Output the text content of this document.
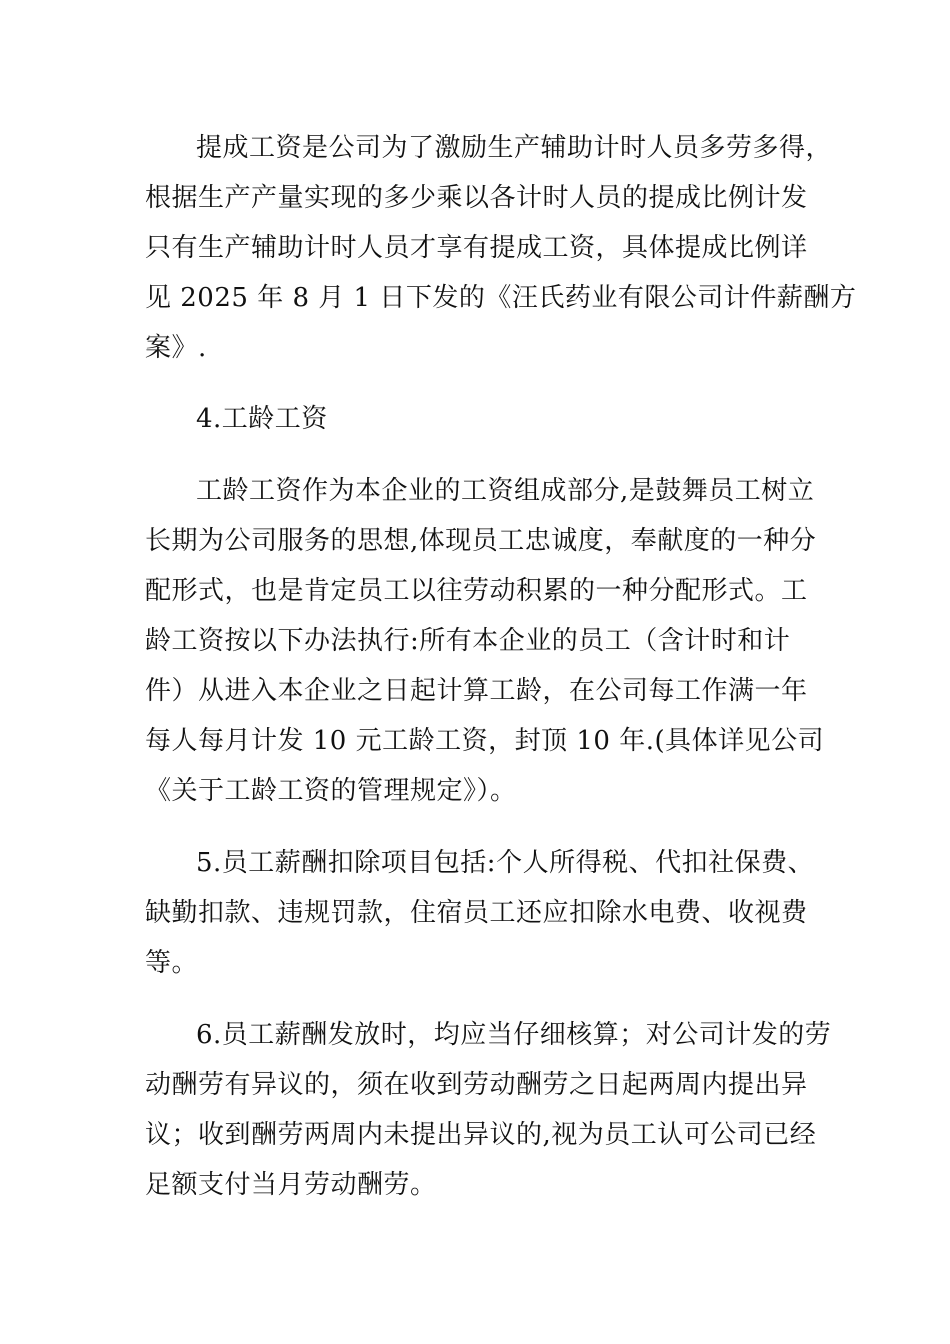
提成工资是公司为了激励生产辅助计时人员多劳多得，
根据生产产量实现的多少乘以各计时人员的提成比例计发
只有生产辅助计时人员才享有提成工资，具体提成比例详
见 2025 年 8 月 1 日下发的《汪氏药业有限公司计件薪酬方
案》.
4.工龄工资
工龄工资作为本企业的工资组成部分,是鼓舞员工树立
长期为公司服务的思想,体现员工忠诚度，奉献度的一种分
配形式，也是肯定员工以往劳动积累的一种分配形式。工
龄工资按以下办法执行:所有本企业的员工（含计时和计
件）从进入本企业之日起计算工龄，在公司每工作满一年
每人每月计发 10 元工龄工资，封顶 10 年.(具体详见公司
《关于工龄工资的管理规定》）。
5.员工薪酬扣除项目包括:个人所得税、代扣社保费、
缺勤扣款、违规罚款，住宿员工还应扣除水电费、收视费
等。
6.员工薪酬发放时，均应当仔细核算；对公司计发的劳
动酬劳有异议的，须在收到劳动酬劳之日起两周内提出异
议；收到酬劳两周内未提出异议的,视为员工认可公司已经
足额支付当月劳动酬劳。
